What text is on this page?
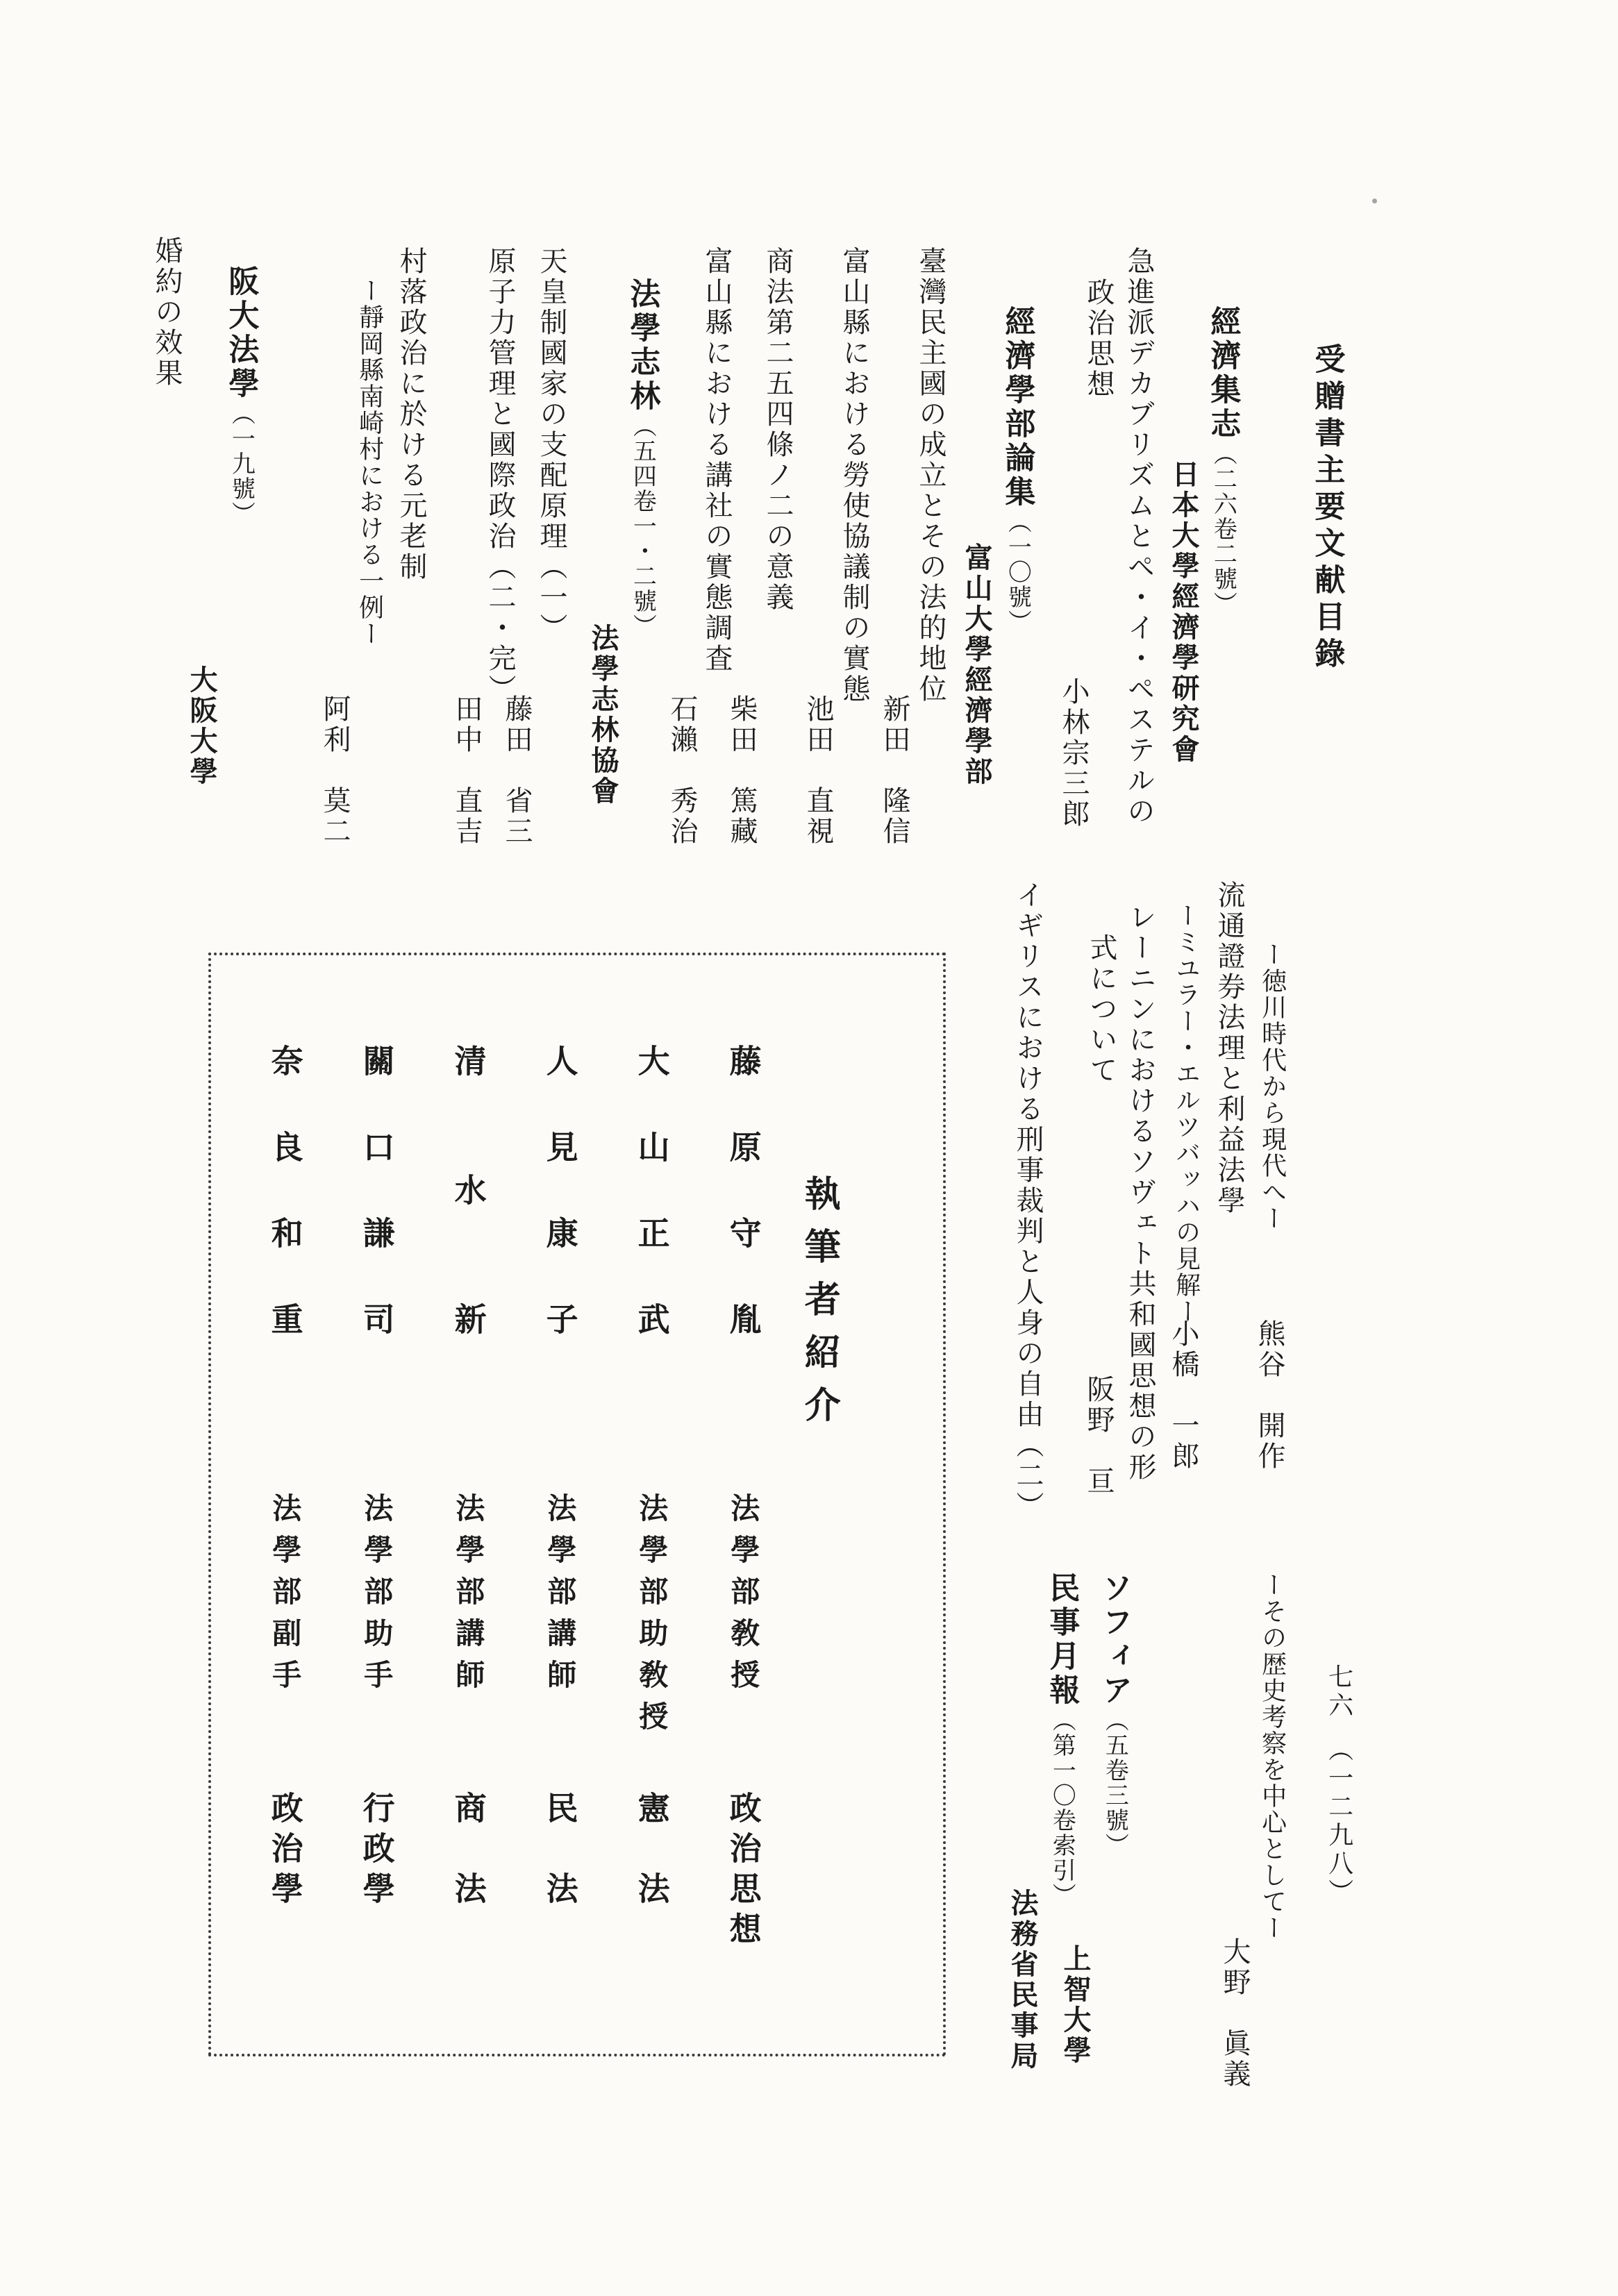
受贈書主要文献目錄
七六　（一二九八）
經濟集志（二六卷二號）
日本大學經濟學研究會
急進派デカブリズムとペ・イ・ペステルの
政治思想
小林宗三郎
經濟學部論集（一〇號）
富山大學經濟學部
臺灣民主國の成立とその法的地位
新田　隆信
富山縣における勞使協議制の實態
池田　直視
商法第二五四條ノ二の意義
柴田　篤藏
富山縣における講社の實態調査
石瀨　秀治
法學志林（五四卷一・二號）
法學志林協會
天皇制國家の支配原理（一）
藤田　省三
原子力管理と國際政治（二・完）
田中　直吉
村落政治に於ける元老制
ー靜岡縣南崎村における一例ー
阿利　莫二
阪大法學（一九號）
大阪大學
婚約の效果
ー徳川時代から現代へー
熊谷　開作
流通證券法理と利益法學
ーミユラー・エルツバッハの見解ー
小橋　一郎
レーニンにおけるソヴェト共和國思想の形
式について
阪野　亘
イギリスにおける刑事裁判と人身の自由（二）
ーその歴史考察を中心としてー
大野　眞義
ソフィア（五卷三號）
上智大學
民事月報（第一〇卷索引）
法務省民事局
執筆者紹介
藤　原　守　胤
法學部敎授
政治思想
大　山　正　武
法學部助敎授
憲　法
人　見　康　子
法學部講師
民　法
清　　水　　新
法學部講師
商　法
關　口　謙　司
法學部助手
行政學
奈　良　和　重
法學部副手
政治學
